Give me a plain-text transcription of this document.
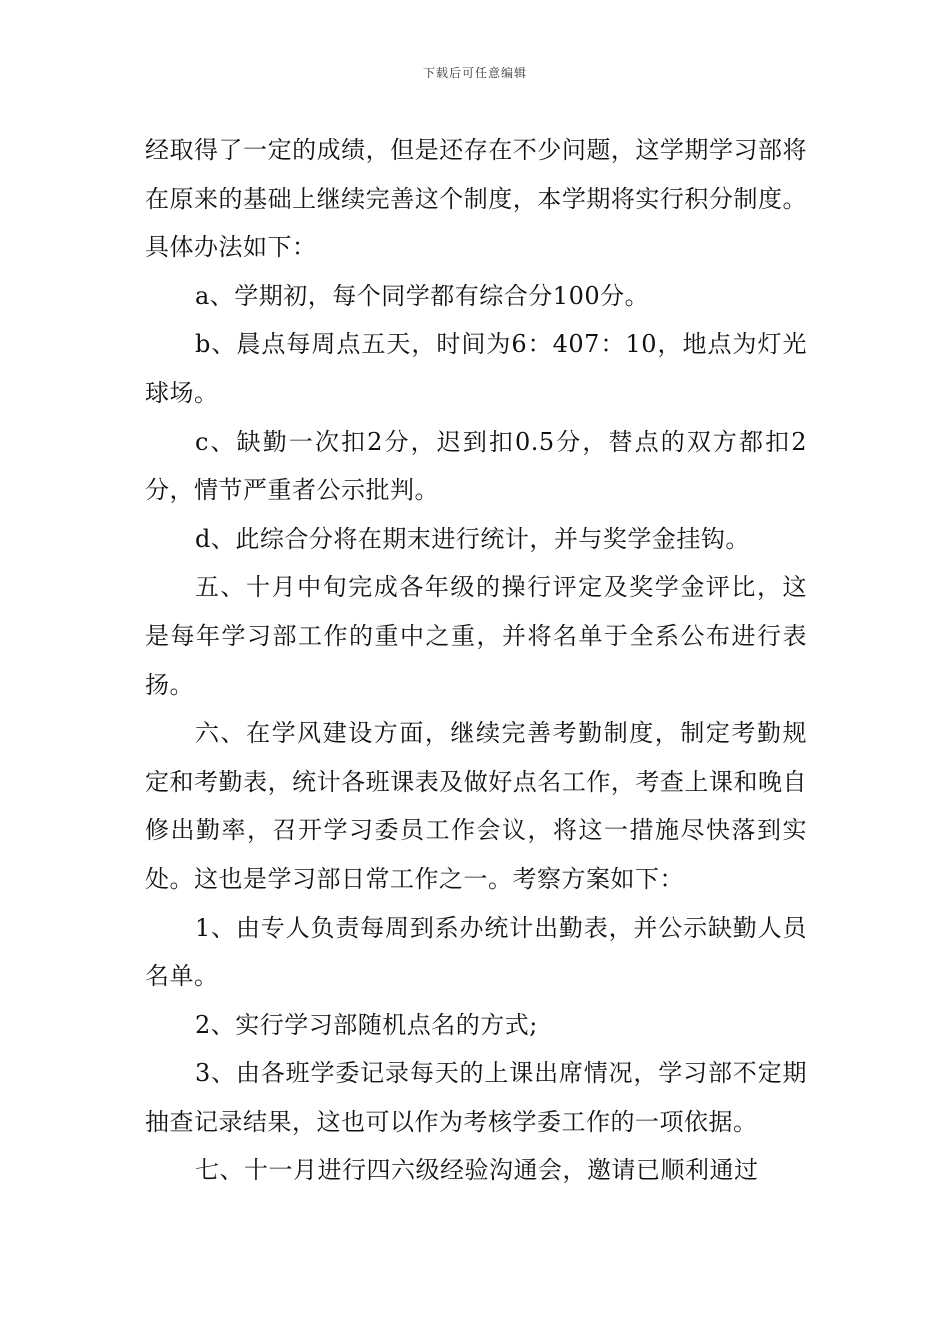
下载后可任意编辑

经取得了一定的成绩，但是还存在不少问题，这学期学习部将在原来的基础上继续完善这个制度，本学期将实行积分制度。具体办法如下：

a、学期初，每个同学都有综合分100分。

b、晨点每周点五天，时间为6：407：10，地点为灯光球场。

c、缺勤一次扣2分，迟到扣0.5分，替点的双方都扣2分，情节严重者公示批判。

d、此综合分将在期末进行统计，并与奖学金挂钩。

五、十月中旬完成各年级的操行评定及奖学金评比，这是每年学习部工作的重中之重，并将名单于全系公布进行表扬。

六、在学风建设方面，继续完善考勤制度，制定考勤规定和考勤表，统计各班课表及做好点名工作，考查上课和晚自修出勤率，召开学习委员工作会议，将这一措施尽快落到实处。这也是学习部日常工作之一。考察方案如下：

1、由专人负责每周到系办统计出勤表，并公示缺勤人员名单。

2、实行学习部随机点名的方式;

3、由各班学委记录每天的上课出席情况，学习部不定期抽查记录结果，这也可以作为考核学委工作的一项依据。

七、十一月进行四六级经验沟通会，邀请已顺利通过
